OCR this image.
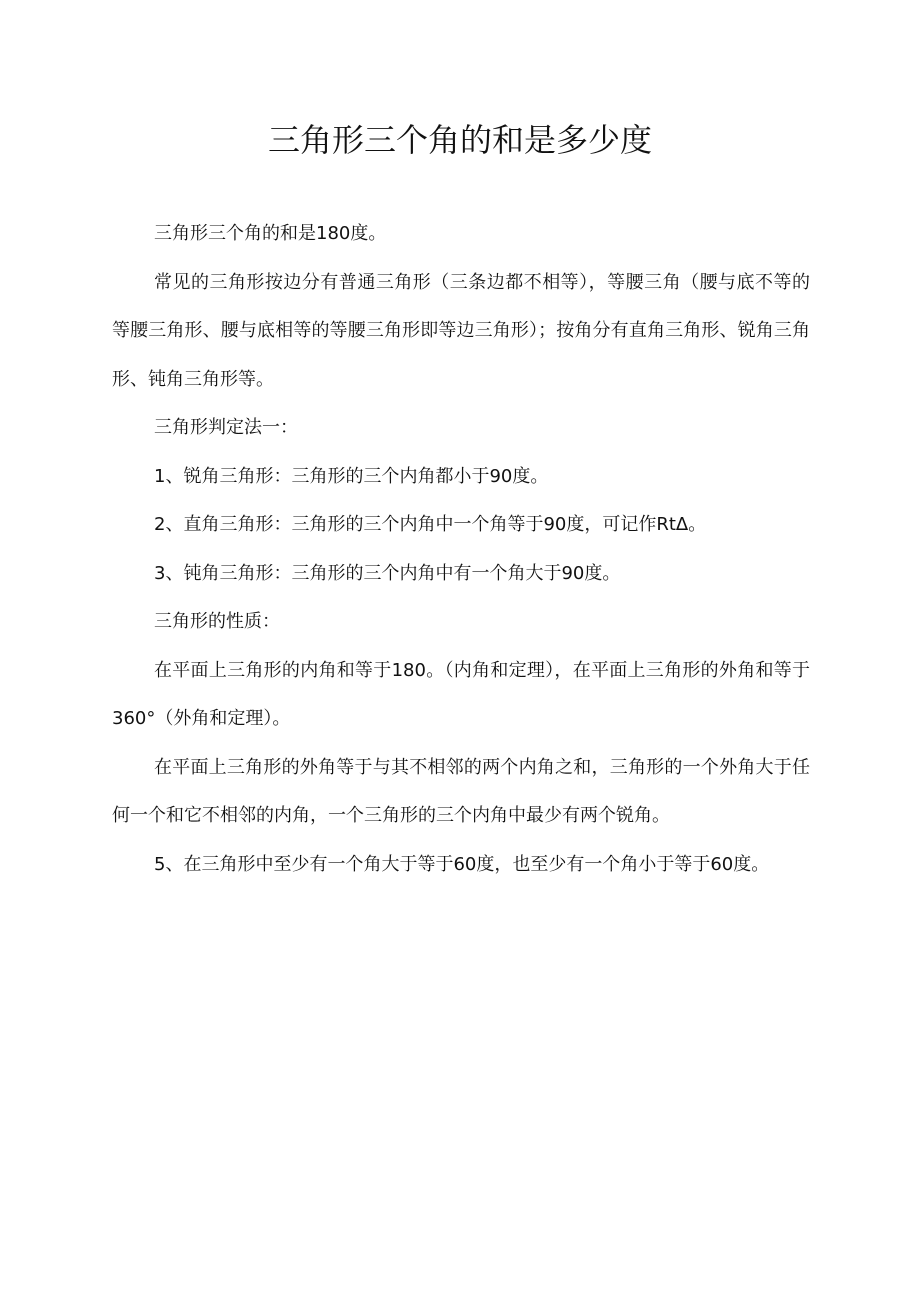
三角形三个角的和是多少度

三角形三个角的和是180度。

常见的三角形按边分有普通三角形（三条边都不相等），等腰三角（腰与底不等的等腰三角形、腰与底相等的等腰三角形即等边三角形）；按角分有直角三角形、锐角三角形、钝角三角形等。

三角形判定法一：

1、锐角三角形：三角形的三个内角都小于90度。

2、直角三角形：三角形的三个内角中一个角等于90度，可记作RtΔ。

3、钝角三角形：三角形的三个内角中有一个角大于90度。

三角形的性质：

在平面上三角形的内角和等于180。（内角和定理），在平面上三角形的外角和等于360°（外角和定理）。

在平面上三角形的外角等于与其不相邻的两个内角之和，三角形的一个外角大于任何一个和它不相邻的内角，一个三角形的三个内角中最少有两个锐角。

5、在三角形中至少有一个角大于等于60度，也至少有一个角小于等于60度。
